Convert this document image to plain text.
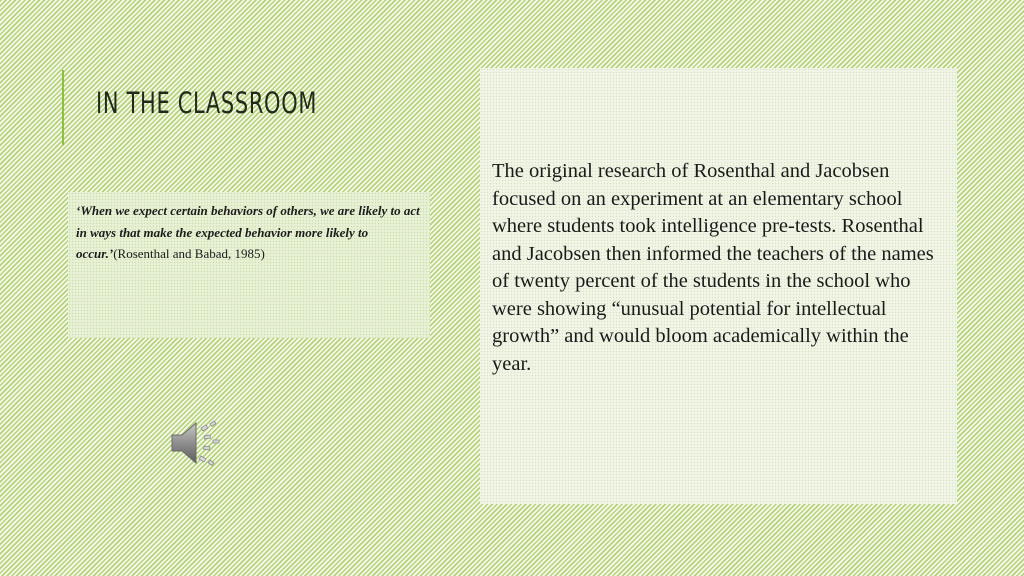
IN THE CLASSROOM
‘When we expect certain behaviors of others, we are likely to act in ways that make the expected behavior more likely to occur.’(Rosenthal and Babad, 1985)

The original research of Rosenthal and Jacobsen focused on an experiment at an elementary school where students took intelligence pre-tests. Rosenthal and Jacobsen then informed the teachers of the names of twenty percent of the students in the school who were showing “unusual potential for intellectual growth” and would bloom academically within the year.
